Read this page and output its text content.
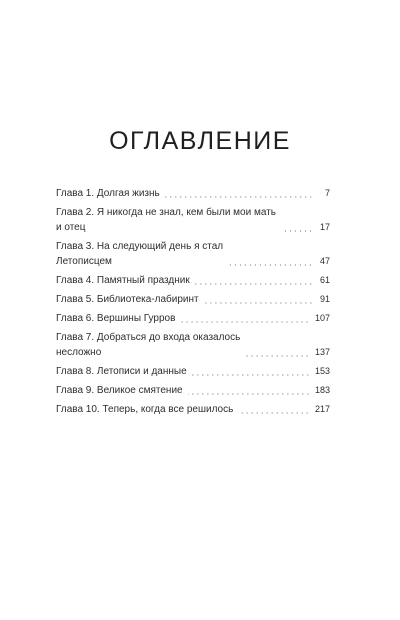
ОГЛАВЛЕНИЕ
Глава 1. Долгая жизнь	7
Глава 2. Я никогда не знал, кем были мои мать
и отец	17
Глава 3. На следующий день я стал
Летописцем	47
Глава 4. Памятный праздник	61
Глава 5. Библиотека-лабиринт	91
Глава 6. Вершины Гурров	107
Глава 7. Добраться до входа оказалось
несложно	137
Глава 8. Летописи и данные	153
Глава 9. Великое смятение	183
Глава 10. Теперь, когда все решилось	217
